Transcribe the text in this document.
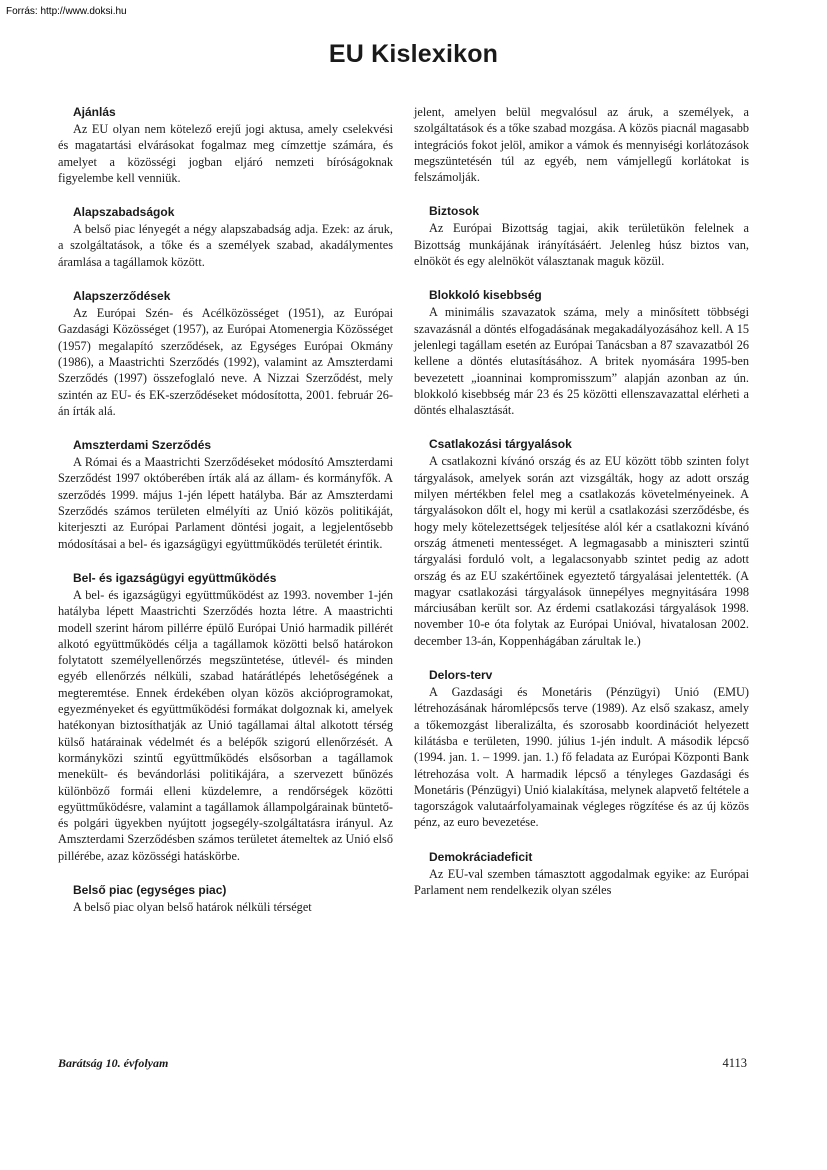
Forrás: http://www.doksi.hu
EU Kislexikon
Ajánlás

Az EU olyan nem kötelező erejű jogi aktusa, amely cselekvési és magatartási elvárásokat fogalmaz meg címzettje számára, és amelyet a közösségi jogban eljáró nemzeti bíróságoknak figyelembe kell venniük.

Alapszabadságok

A belső piac lényegét a négy alapszabadság adja. Ezek: az áruk, a szolgáltatások, a tőke és a személyek szabad, akadálymentes áramlása a tagállamok között.

Alapszerződések

Az Európai Szén- és Acélközösséget (1951), az Európai Gazdasági Közösséget (1957), az Európai Atomenergia Közösséget (1957) megalapító szerződések, az Egységes Európai Okmány (1986), a Maastrichti Szerződés (1992), valamint az Amszterdami Szerződés (1997) összefoglaló neve. A Nizzai Szerződést, mely szintén az EU- és EK-szerződéseket módosította, 2001. február 26-án írták alá.

Amszterdami Szerződés

A Római és a Maastrichti Szerződéseket módosító Amszterdami Szerződést 1997 októberében írták alá az állam- és kormányfők. A szerződés 1999. május 1-jén lépett hatályba. Bár az Amszterdami Szerződés számos területen elmélyíti az Unió közös politikáját, kiterjeszti az Európai Parlament döntési jogait, a legjelentősebb módosításai a bel- és igazságügyi együttműködés területét érintik.

Bel- és igazságügyi együttműködés

A bel- és igazságügyi együttműködést az 1993. november 1-jén hatályba lépett Maastrichti Szerződés hozta létre. A maastrichti modell szerint három pillérre épülő Európai Unió harmadik pillérét alkotó együttműködés célja a tagállamok közötti belső határokon folytatott személyellenőrzés megszüntetése, útlevél- és minden egyéb ellenőrzés nélküli, szabad határátlépés lehetőségének a megteremtése. Ennek érdekében olyan közös akcióprogramokat, egyezményeket és együttműködési formákat dolgoznak ki, amelyek hatékonyan biztosíthatják az Unió tagállamai által alkotott térség külső határainak védelmét és a belépők szigorú ellenőrzését. A kormányközi szintű együttműködés elsősorban a tagállamok menekült- és bevándorlási politikájára, a szervezett bűnözés különböző formái elleni küzdelemre, a rendőrségek közötti együttműködésre, valamint a tagállamok állampolgárainak büntető- és polgári ügyekben nyújtott jogsegély-szolgáltatásra irányul. Az Amszterdami Szerződésben számos területet átemeltek az Unió első pillérébe, azaz közösségi hatáskörbe.

Belső piac (egységes piac)

A belső piac olyan belső határok nélküli térséget

jelent, amelyen belül megvalósul az áruk, a személyek, a szolgáltatások és a tőke szabad mozgása. A közös piacnál magasabb integrációs fokot jelöl, amikor a vámok és mennyiségi korlátozások megszüntetésén túl az egyéb, nem vámjellegű korlátokat is felszámolják.

Biztosok

Az Európai Bizottság tagjai, akik területükön felelnek a Bizottság munkájának irányításáért. Jelenleg húsz biztos van, elnököt és egy alelnököt választanak maguk közül.

Blokkoló kisebbség

A minimális szavazatok száma, mely a minősített többségi szavazásnál a döntés elfogadásának megakadályozásához kell. A 15 jelenlegi tagállam esetén az Európai Tanácsban a 87 szavazatból 26 kellene a döntés elutasításához. A britek nyomására 1995-ben bevezetett „ioanninai kompromisszum” alapján azonban az ún. blokkoló kisebbség már 23 és 25 közötti ellenszavazattal elérheti a döntés elhalasztását.

Csatlakozási tárgyalások

A csatlakozni kívánó ország és az EU között több szinten folyt tárgyalások, amelyek során azt vizsgálták, hogy az adott ország milyen mértékben felel meg a csatlakozás követelményeinek. A tárgyalásokon dőlt el, hogy mi kerül a csatlakozási szerződésbe, és hogy mely kötelezettségek teljesítése alól kér a csatlakozni kívánó ország átmeneti mentességet. A legmagasabb a miniszteri szintű tárgyalási forduló volt, a legalacsonyabb szintet pedig az adott ország és az EU szakértőinek egyeztető tárgyalásai jelentették. (A magyar csatlakozási tárgyalások ünnepélyes megnyitására 1998 márciusában került sor. Az érdemi csatlakozási tárgyalások 1998. november 10-e óta folytak az Európai Unióval, hivatalosan 2002. december 13-án, Koppenhágában zárultak le.)

Delors-terv

A Gazdasági és Monetáris (Pénzügyi) Unió (EMU) létrehozásának háromlépcsős terve (1989). Az első szakasz, amely a tőkemozgást liberalizálta, és szorosabb koordinációt helyezett kilátásba e területen, 1990. július 1-jén indult. A második lépcső (1994. jan. 1. – 1999. jan. 1.) fő feladata az Európai Központi Bank létrehozása volt. A harmadik lépcső a tényleges Gazdasági és Monetáris (Pénzügyi) Unió kialakítása, melynek alapvető feltétele a tagországok valutaárfolyamainak végleges rögzítése és az új közös pénz, az euro bevezetése.

Demokráciadeficit

Az EU-val szemben támasztott aggodalmak egyike: az Európai Parlament nem rendelkezik olyan széles

Barátság 10. évfolyam	4113
